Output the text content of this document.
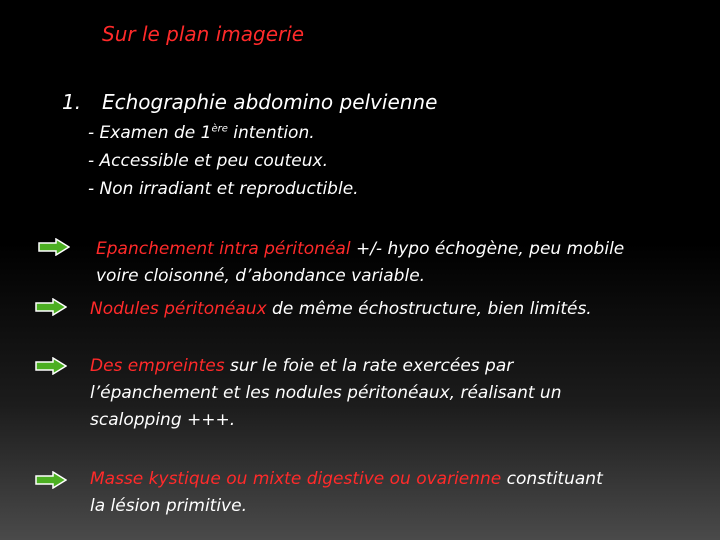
Sur le plan imagerie
1. Echographie abdomino pelvienne
- Examen de 1ère intention.
- Accessible et peu couteux.
- Non irradiant et reproductible.
Epanchement intra péritonéal +/- hypo échogène, peu mobile
voire cloisonné, d’abondance variable.
Nodules péritonéaux de même échostructure, bien limités.
Des empreintes sur le foie et la rate exercées par
l’épanchement et les nodules péritonéaux, réalisant un
scalopping +++.
Masse kystique ou mixte digestive ou ovarienne constituant
la lésion primitive.
